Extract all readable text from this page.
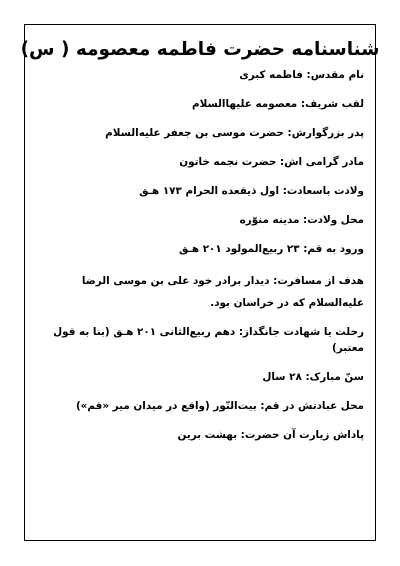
شناسنامه حضرت فاطمه معصومه ( س)
نام مقدس:فاطمه کبری
لقب شریف:معصومه علیهاالسلام
پدر بزرگوارش:حضرت موسی بن جعفر علیه‌السلام
مادر گرامی اش:حضرت نجمه خاتون
ولادت باسعادت:اول ذیقعده الحرام ۱۷۳ هـ‍ق
محل ولادت:مدینه منوّره
ورود به قم:۲۳ ربیع‌المولود ۲۰۱ هـ‍ق
هدف از مسافرت:دیدار برادر خود علی بن موسی الرضا علیه‌السلام که در خراسان بود.
رحلت یا شهادت جانگداز:دهم ربیع‌الثانی ۲۰۱ هـ‍ق (بنا به قول معتبر)
سنّ مبارک:۲۸ سال
محل عبادتش در قم:بیت‌النّور (واقع در میدان میر «قم»)
پاداش زیارت آن حضرت:بهشت برین
